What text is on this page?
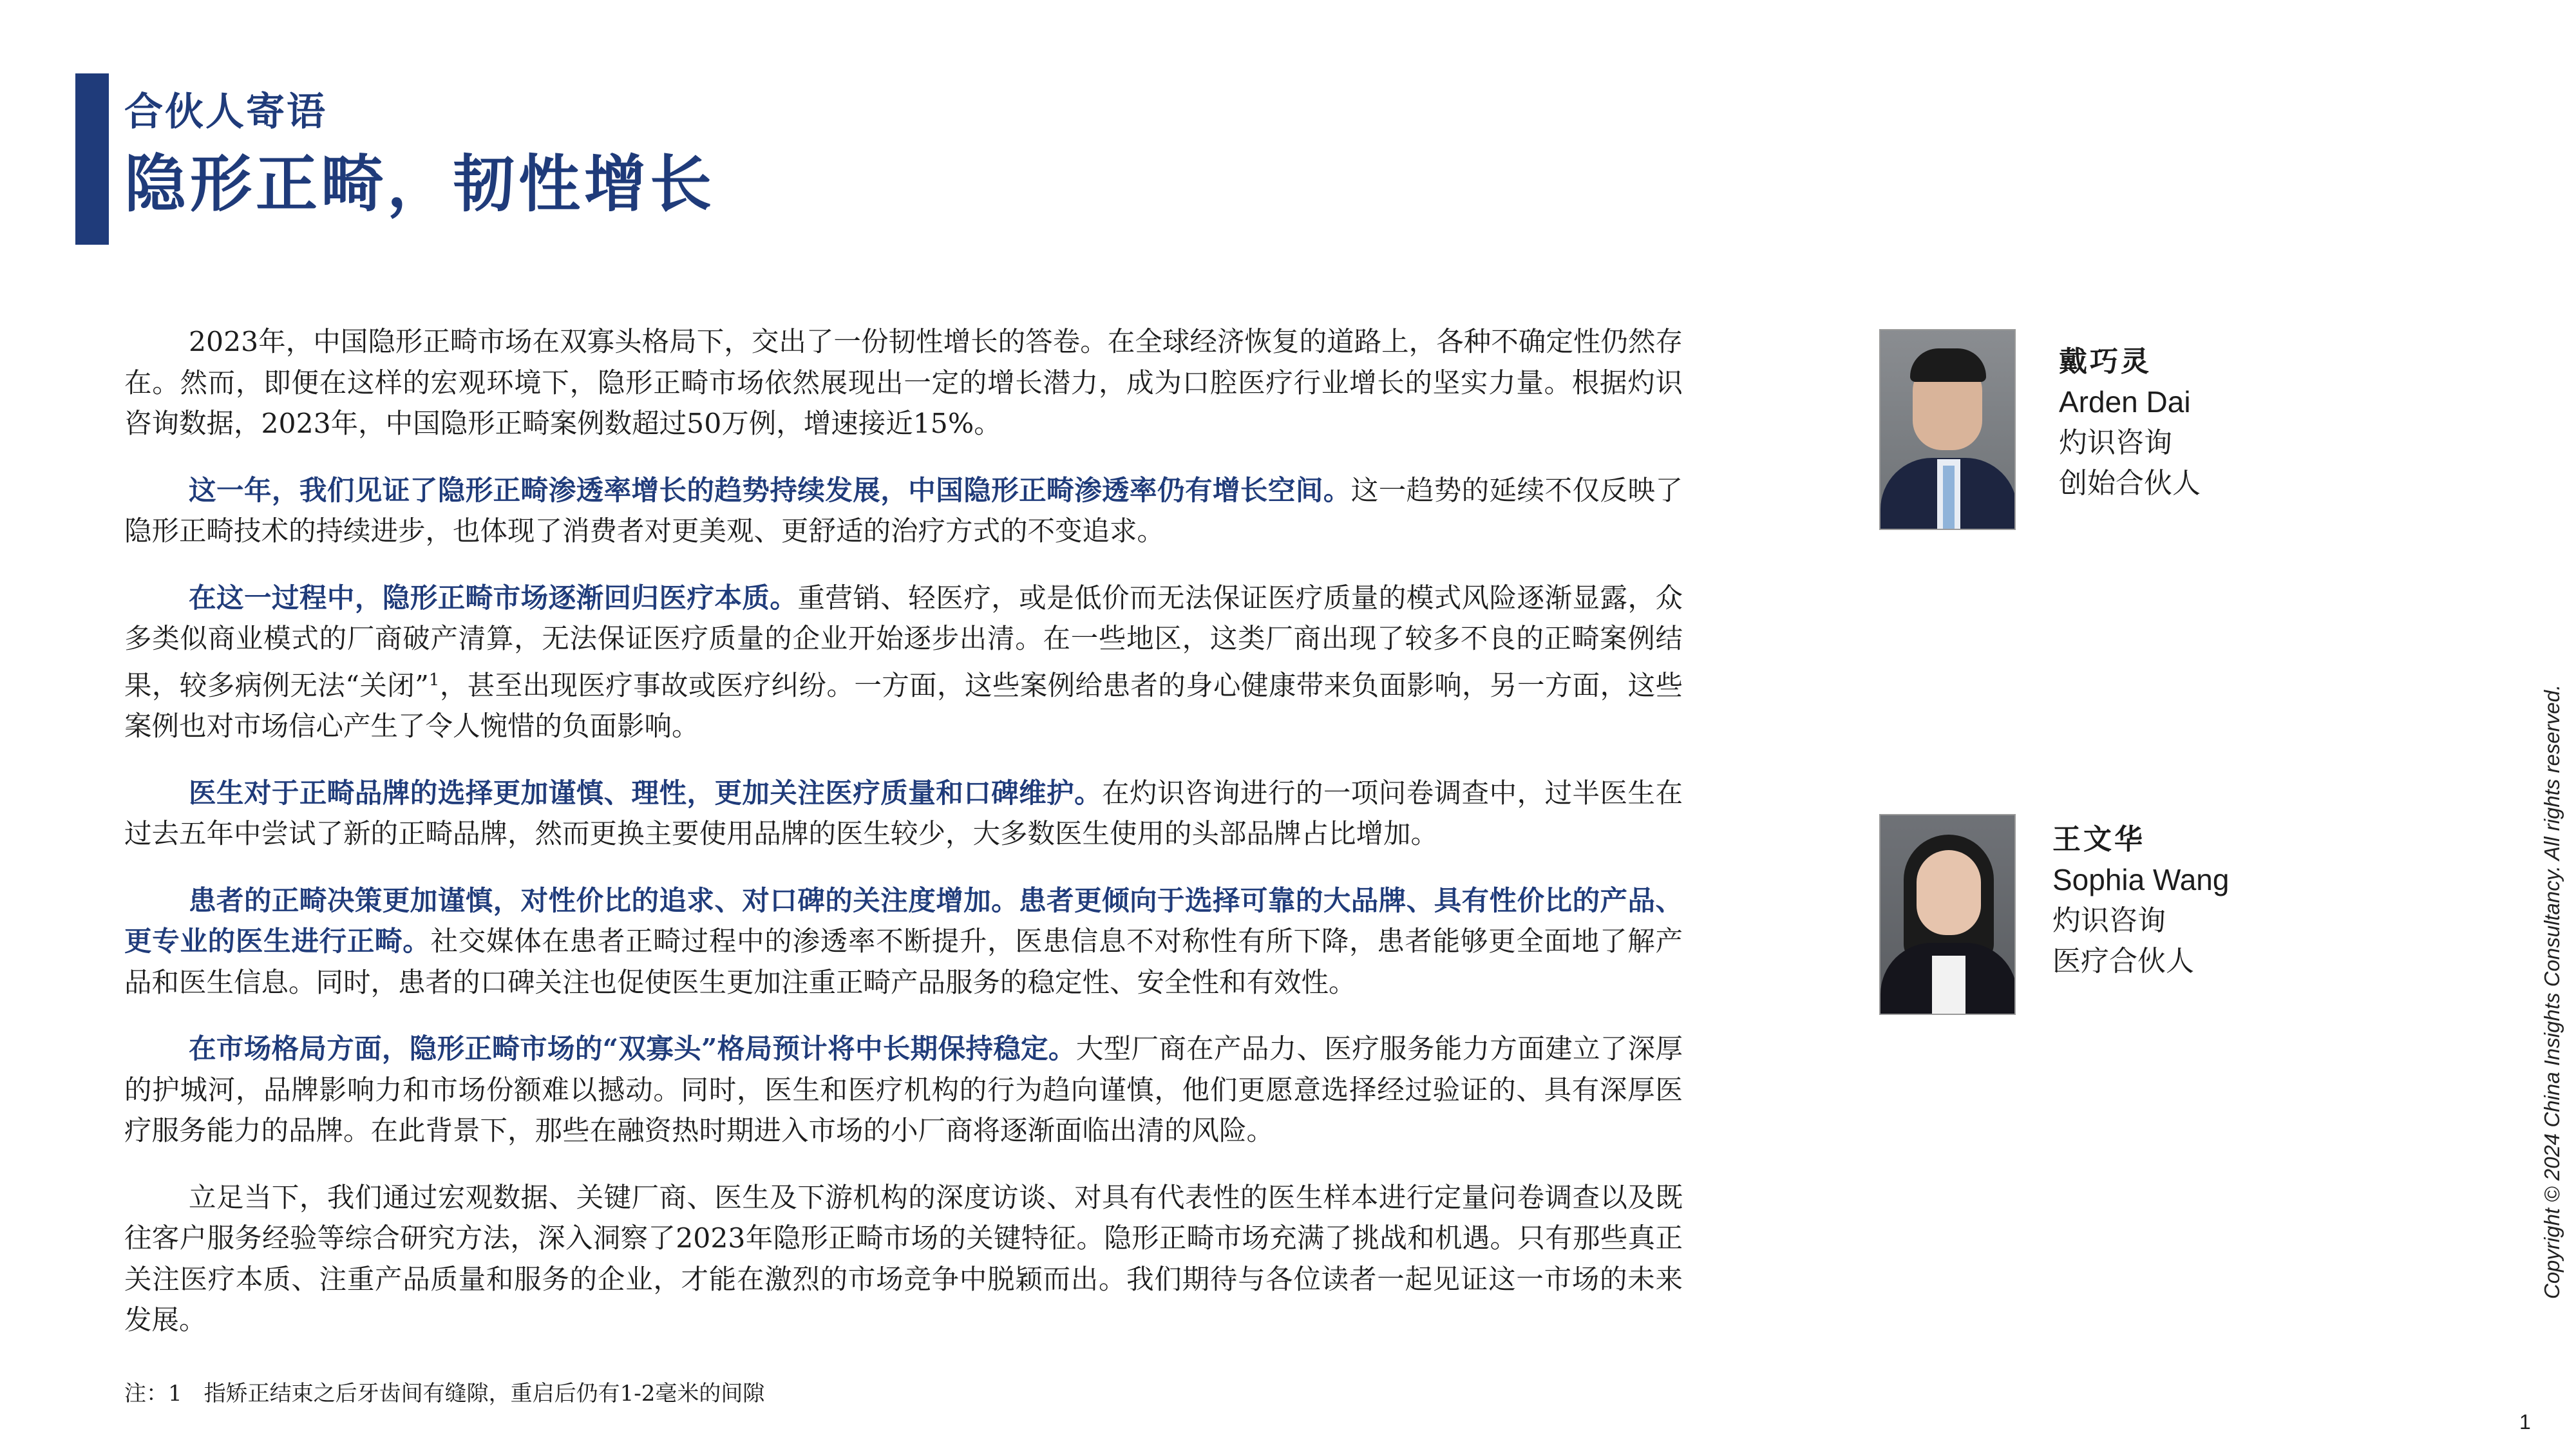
合伙人寄语
隐形正畸，韧性增长

2023年，中国隐形正畸市场在双寡头格局下，交出了一份韧性增长的答卷。在全球经济恢复的道路上，各种不确定性仍然存在。然而，即便在这样的宏观环境下，隐形正畸市场依然展现出一定的增长潜力，成为口腔医疗行业增长的坚实力量。根据灼识咨询数据，2023年，中国隐形正畸案例数超过50万例，增速接近15%。

这一年，我们见证了隐形正畸渗透率增长的趋势持续发展，中国隐形正畸渗透率仍有增长空间。这一趋势的延续不仅反映了隐形正畸技术的持续进步，也体现了消费者对更美观、更舒适的治疗方式的不变追求。

在这一过程中，隐形正畸市场逐渐回归医疗本质。重营销、轻医疗，或是低价而无法保证医疗质量的模式风险逐渐显露，众多类似商业模式的厂商破产清算，无法保证医疗质量的企业开始逐步出清。在一些地区，这类厂商出现了较多不良的正畸案例结果，较多病例无法“关闭”$^1$，甚至出现医疗事故或医疗纠纷。一方面，这些案例给患者的身心健康带来负面影响，另一方面，这些案例也对市场信心产生了令人惋惜的负面影响。

医生对于正畸品牌的选择更加谨慎、理性，更加关注医疗质量和口碑维护。在灼识咨询进行的一项问卷调查中，过半医生在过去五年中尝试了新的正畸品牌，然而更换主要使用品牌的医生较少，大多数医生使用的头部品牌占比增加。

患者的正畸决策更加谨慎，对性价比的追求、对口碑的关注度增加。患者更倾向于选择可靠的大品牌、具有性价比的产品、更专业的医生进行正畸。社交媒体在患者正畸过程中的渗透率不断提升，医患信息不对称性有所下降，患者能够更全面地了解产品和医生信息。同时，患者的口碑关注也促使医生更加注重正畸产品服务的稳定性、安全性和有效性。

在市场格局方面，隐形正畸市场的“双寡头”格局预计将中长期保持稳定。大型厂商在产品力、医疗服务能力方面建立了深厚的护城河，品牌影响力和市场份额难以撼动。同时，医生和医疗机构的行为趋向谨慎，他们更愿意选择经过验证的、具有深厚医疗服务能力的品牌。在此背景下，那些在融资热时期进入市场的小厂商将逐渐面临出清的风险。

立足当下，我们通过宏观数据、关键厂商、医生及下游机构的深度访谈、对具有代表性的医生样本进行定量问卷调查以及既往客户服务经验等综合研究方法，深入洞察了2023年隐形正畸市场的关键特征。隐形正畸市场充满了挑战和机遇。只有那些真正关注医疗本质、注重产品质量和服务的企业，才能在激烈的市场竞争中脱颖而出。我们期待与各位读者一起见证这一市场的未来发展。

注：1　指矫正结束之后牙齿间有缝隙，重启后仍有1-2毫米的间隙
戴巧灵
Arden Dai
灼识咨询
创始合伙人
王文华
Sophia Wang
灼识咨询
医疗合伙人	Copyright © 2024 China Insights Consultancy. All rights reserved.
1
